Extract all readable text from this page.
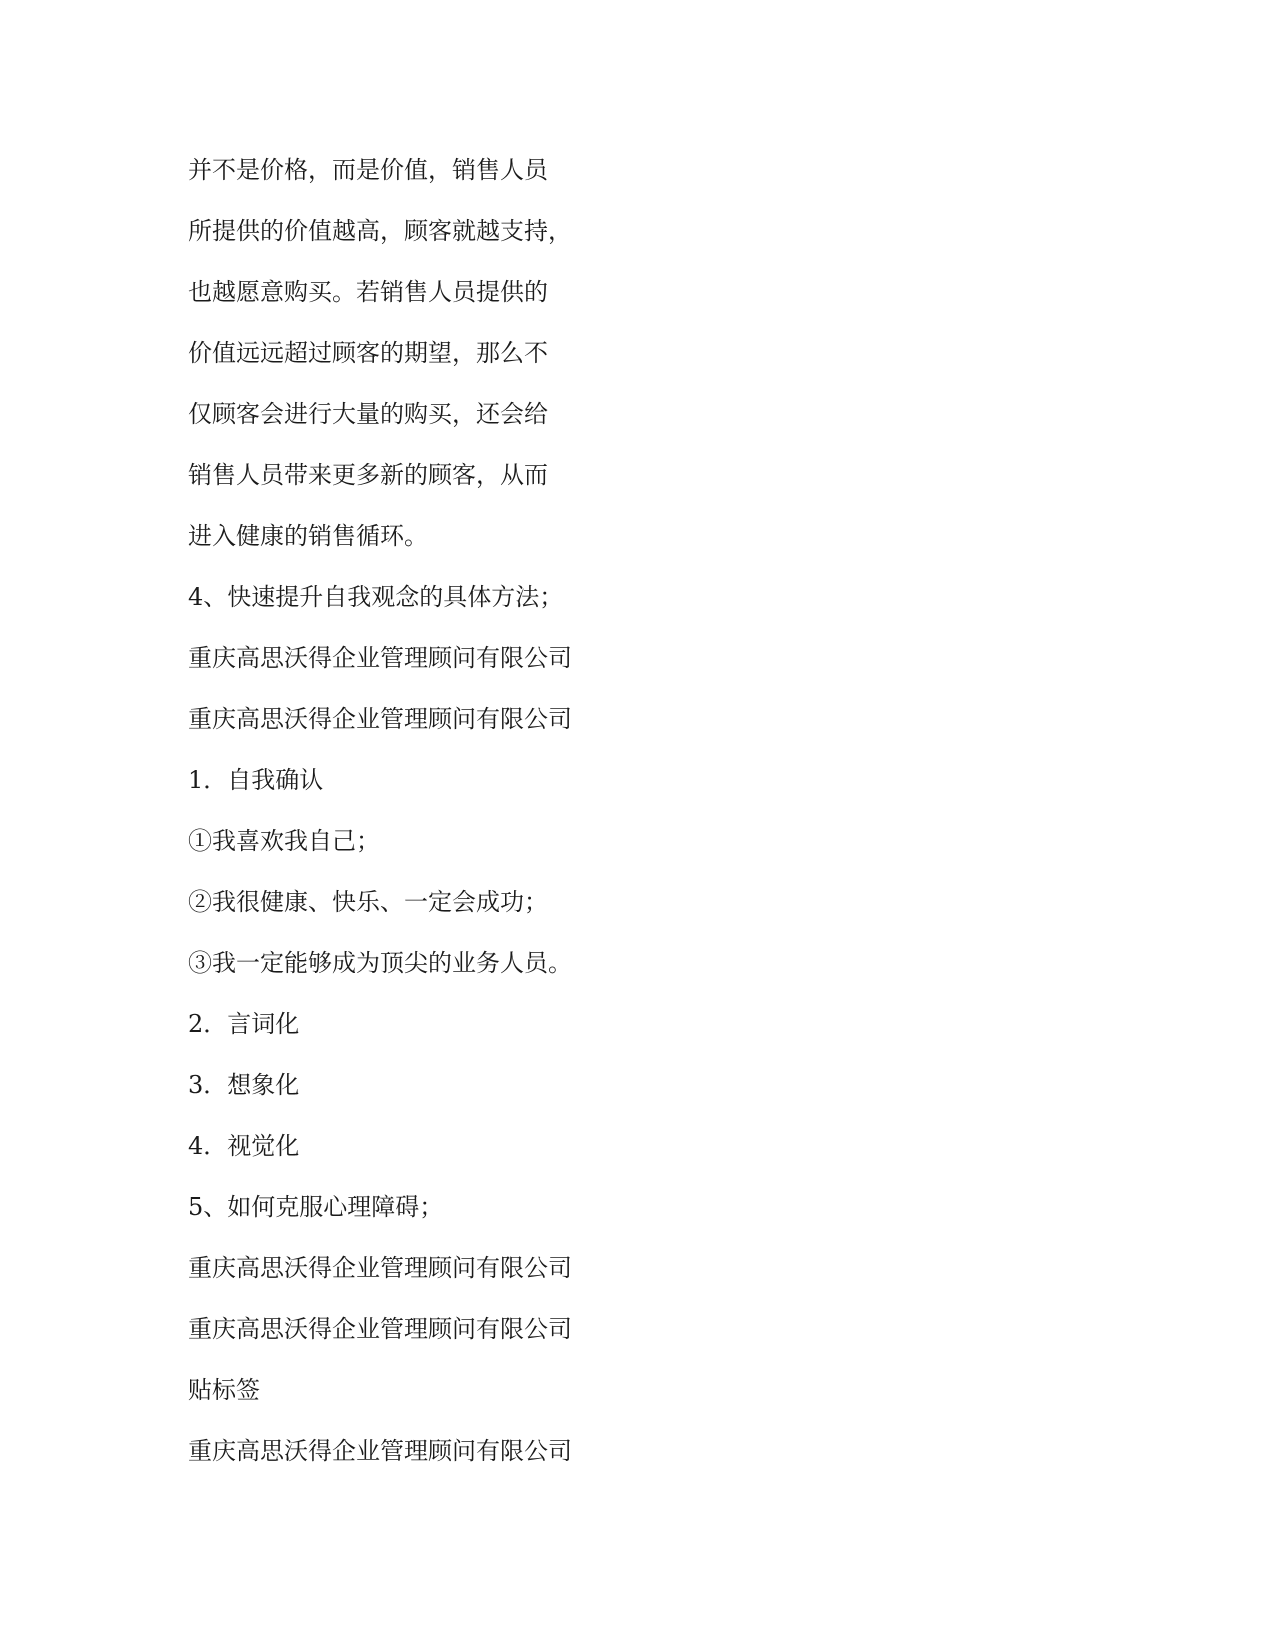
并不是价格，而是价值，销售人员
所提供的价值越高，顾客就越支持，
也越愿意购买。若销售人员提供的
价值远远超过顾客的期望，那么不
仅顾客会进行大量的购买，还会给
销售人员带来更多新的顾客，从而
进入健康的销售循环。
4、快速提升自我观念的具体方法；
重庆高思沃得企业管理顾问有限公司
重庆高思沃得企业管理顾问有限公司
1．自我确认
①我喜欢我自己；
②我很健康、快乐、一定会成功；
③我一定能够成为顶尖的业务人员。
2．言词化
3．想象化
4．视觉化
5、如何克服心理障碍；
重庆高思沃得企业管理顾问有限公司
重庆高思沃得企业管理顾问有限公司
贴标签
重庆高思沃得企业管理顾问有限公司
